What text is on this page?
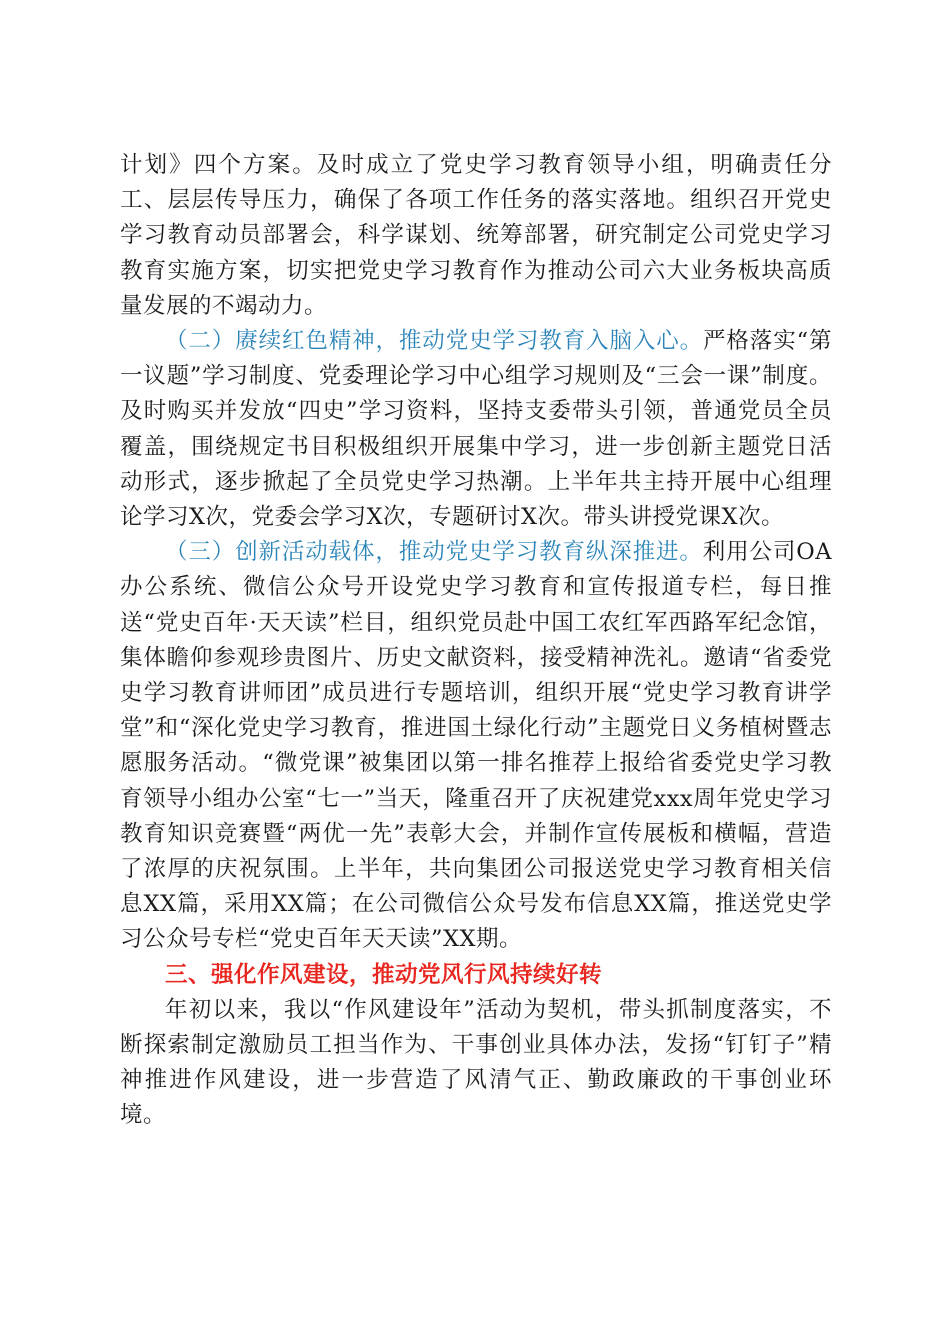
计划》四个方案。及时成立了党史学习教育领导小组，明确责任分工、层层传导压力，确保了各项工作任务的落实落地。组织召开党史学习教育动员部署会，科学谋划、统筹部署，研究制定公司党史学习教育实施方案，切实把党史学习教育作为推动公司六大业务板块高质量发展的不竭动力。

（二）赓续红色精神，推动党史学习教育入脑入心。严格落实“第一议题”学习制度、党委理论学习中心组学习规则及“三会一课”制度。及时购买并发放“四史”学习资料，坚持支委带头引领，普通党员全员覆盖，围绕规定书目积极组织开展集中学习，进一步创新主题党日活动形式，逐步掀起了全员党史学习热潮。上半年共主持开展中心组理论学习X次，党委会学习X次，专题研讨X次。带头讲授党课X次。

（三）创新活动载体，推动党史学习教育纵深推进。利用公司OA办公系统、微信公众号开设党史学习教育和宣传报道专栏，每日推送“党史百年·天天读”栏目，组织党员赴中国工农红军西路军纪念馆，集体瞻仰参观珍贵图片、历史文献资料，接受精神洗礼。邀请“省委党史学习教育讲师团”成员进行专题培训，组织开展“党史学习教育讲学堂”和“深化党史学习教育，推进国土绿化行动”主题党日义务植树暨志愿服务活动。“微党课”被集团以第一排名推荐上报给省委党史学习教育领导小组办公室“七一”当天，隆重召开了庆祝建党xxx周年党史学习教育知识竞赛暨“两优一先”表彰大会，并制作宣传展板和横幅，营造了浓厚的庆祝氛围。上半年，共向集团公司报送党史学习教育相关信息XX篇，采用XX篇；在公司微信公众号发布信息XX篇，推送党史学习公众号专栏“党史百年天天读”XX期。

三、强化作风建设，推动党风行风持续好转

年初以来，我以“作风建设年”活动为契机，带头抓制度落实，不断探索制定激励员工担当作为、干事创业具体办法，发扬“钉钉子”精神推进作风建设，进一步营造了风清气正、勤政廉政的干事创业环境。
